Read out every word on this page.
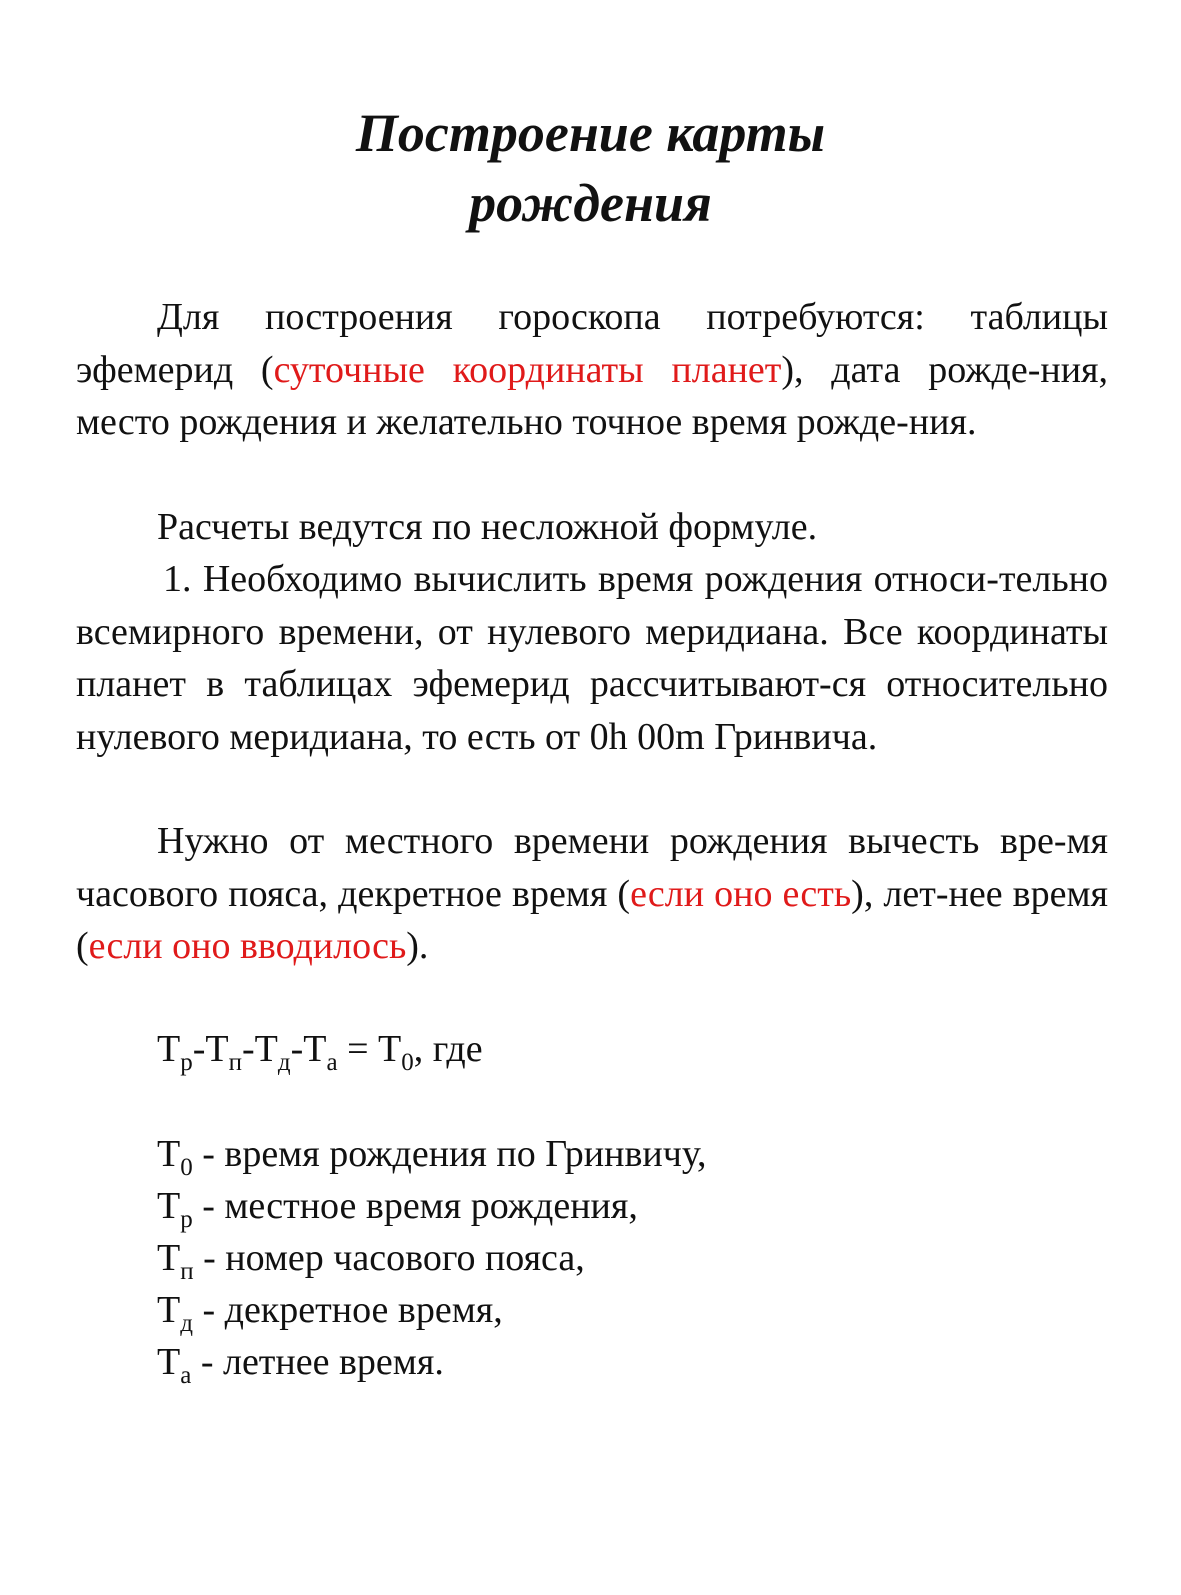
Построение карты
рождения

Для построения гороскопа потребуются: таблицы эфемерид (суточные координаты планет), дата рожде-ния, место рождения и желательно точное время рожде-ния.

Расчеты ведутся по несложной формуле.

1. Необходимо вычислить время рождения относи-тельно всемирного времени, от нулевого меридиана. Все координаты планет в таблицах эфемерид рассчитывают-ся относительно нулевого меридиана, то есть от 0h 00m Гринвича.

Нужно от местного времени рождения вычесть вре-мя часового пояса, декретное время (если оно есть), лет-нее время (если оно вводилось).

$Т_р-Т_п-Т_д-Т_а = Т_0$, где

$Т_0$ - время рождения по Гринвичу,
$Т_р$ - местное время рождения,
$Т_п$ - номер часового пояса,
$Т_д$ - декретное время,
$Т_а$ - летнее время.
